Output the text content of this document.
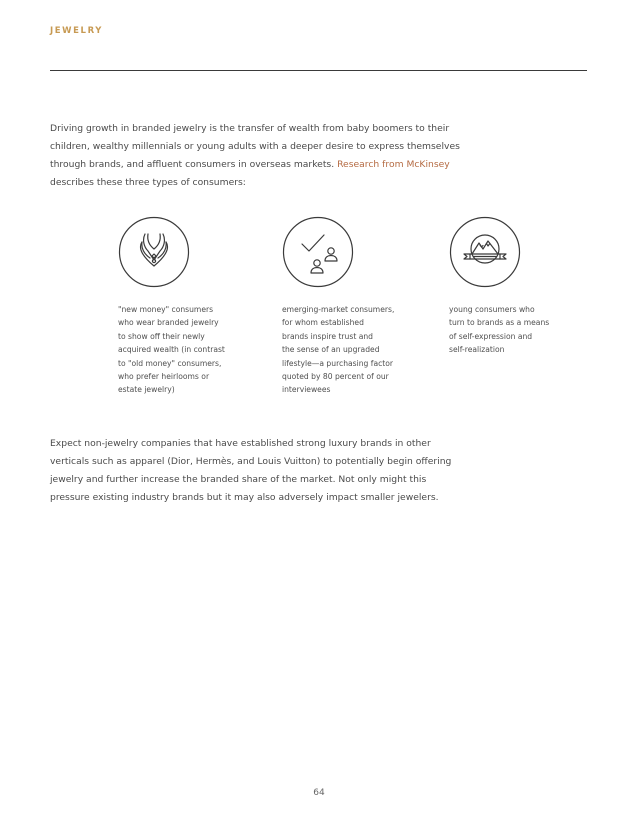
JEWELRY
Driving growth in branded jewelry is the transfer of wealth from baby boomers to their
children, wealthy millennials or young adults with a deeper desire to express themselves
through brands, and affluent consumers in overseas markets. Research from McKinsey
describes these three types of consumers:
"new money" consumers
who wear branded jewelry
to show off their newly
acquired wealth (in contrast
to "old money" consumers,
who prefer heirlooms or
estate jewelry)
emerging-market consumers,
for whom established
brands inspire trust and
the sense of an upgraded
lifestyle—a purchasing factor
quoted by 80 percent of our
interviewees
young consumers who
turn to brands as a means
of self-expression and
self-realization
Expect non-jewelry companies that have established strong luxury brands in other
verticals such as apparel (Dior, Hermès, and Louis Vuitton) to potentially begin offering
jewelry and further increase the branded share of the market. Not only might this
pressure existing industry brands but it may also adversely impact smaller jewelers.
64
